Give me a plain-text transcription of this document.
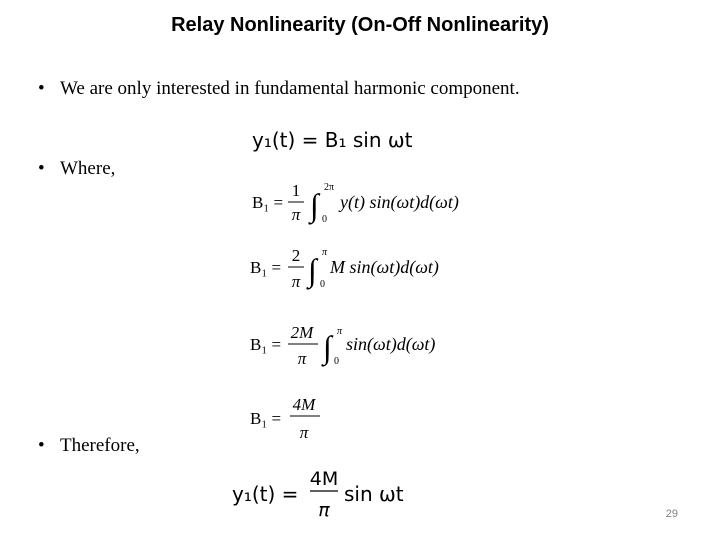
Relay Nonlinearity (On-Off Nonlinearity)
• We are only interested in fundamental harmonic component.
• Where,
• Therefore,
y₁(t) = B₁ sin ωt
B₁ =
1
π ∫ 2π
0
y(t) sin(ωt)d(ωt)
B₁ =
2
π ∫ π
0
M sin(ωt)d(ωt)
B₁ =
2M
π ∫ π
0
sin(ωt)d(ωt)
B₁ =
4M
π
y₁(t) =
4M
π
sin ωt
29
